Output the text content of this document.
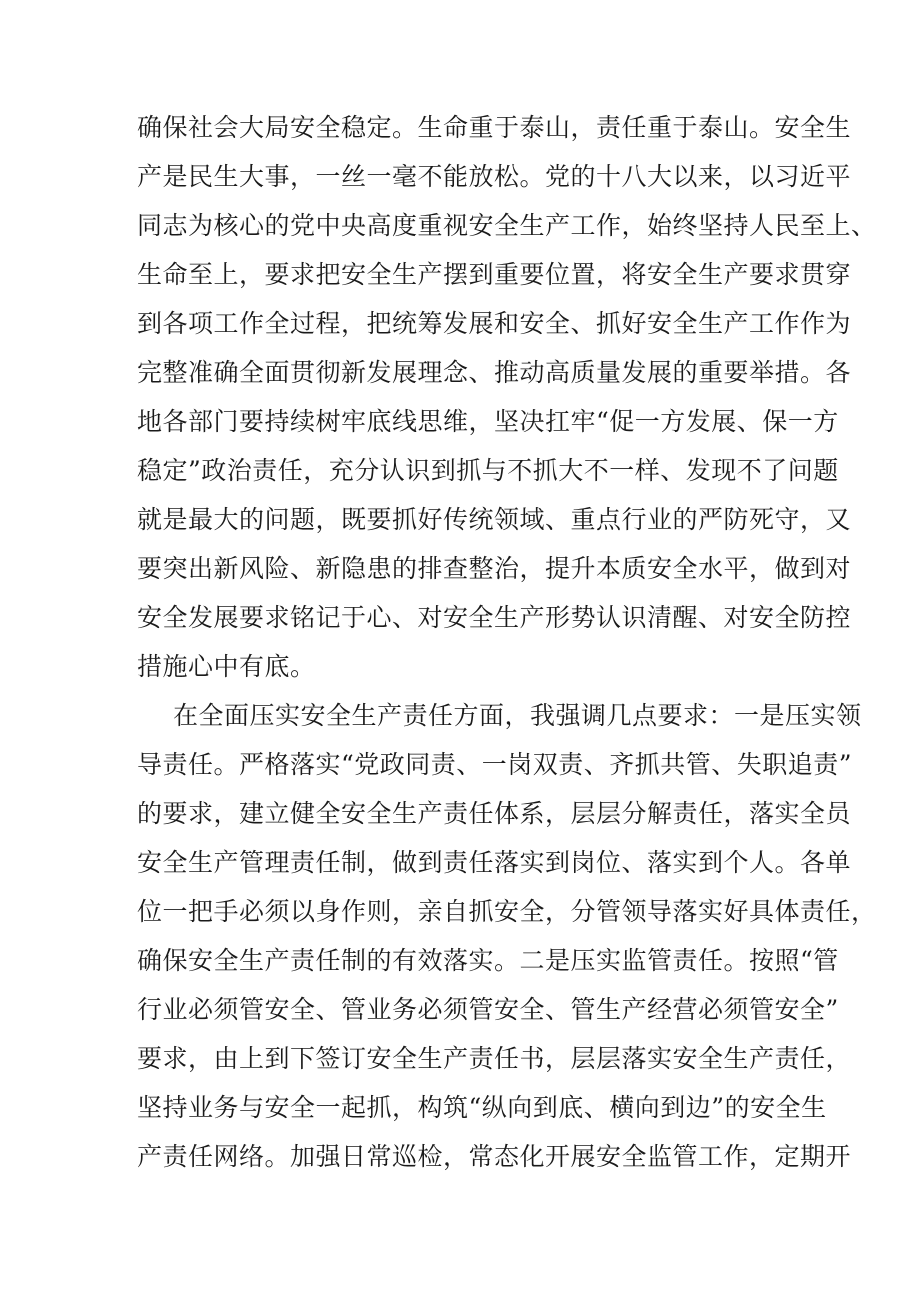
确保社会大局安全稳定。生命重于泰山，责任重于泰山。安全生
产是民生大事，一丝一毫不能放松。党的十八大以来，以习近平
同志为核心的党中央高度重视安全生产工作，始终坚持人民至上、
生命至上，要求把安全生产摆到重要位置，将安全生产要求贯穿
到各项工作全过程，把统筹发展和安全、抓好安全生产工作作为
完整准确全面贯彻新发展理念、推动高质量发展的重要举措。各
地各部门要持续树牢底线思维，坚决扛牢“促一方发展、保一方
稳定”政治责任，充分认识到抓与不抓大不一样、发现不了问题
就是最大的问题，既要抓好传统领域、重点行业的严防死守，又
要突出新风险、新隐患的排查整治，提升本质安全水平，做到对
安全发展要求铭记于心、对安全生产形势认识清醒、对安全防控
措施心中有底。
在全面压实安全生产责任方面，我强调几点要求：一是压实领
导责任。严格落实“党政同责、一岗双责、齐抓共管、失职追责”
的要求，建立健全安全生产责任体系，层层分解责任，落实全员
安全生产管理责任制，做到责任落实到岗位、落实到个人。各单
位一把手必须以身作则，亲自抓安全，分管领导落实好具体责任，
确保安全生产责任制的有效落实。二是压实监管责任。按照“管
行业必须管安全、管业务必须管安全、管生产经营必须管安全”
要求，由上到下签订安全生产责任书，层层落实安全生产责任，
坚持业务与安全一起抓，构筑“纵向到底、横向到边”的安全生
产责任网络。加强日常巡检，常态化开展安全监管工作，定期开
